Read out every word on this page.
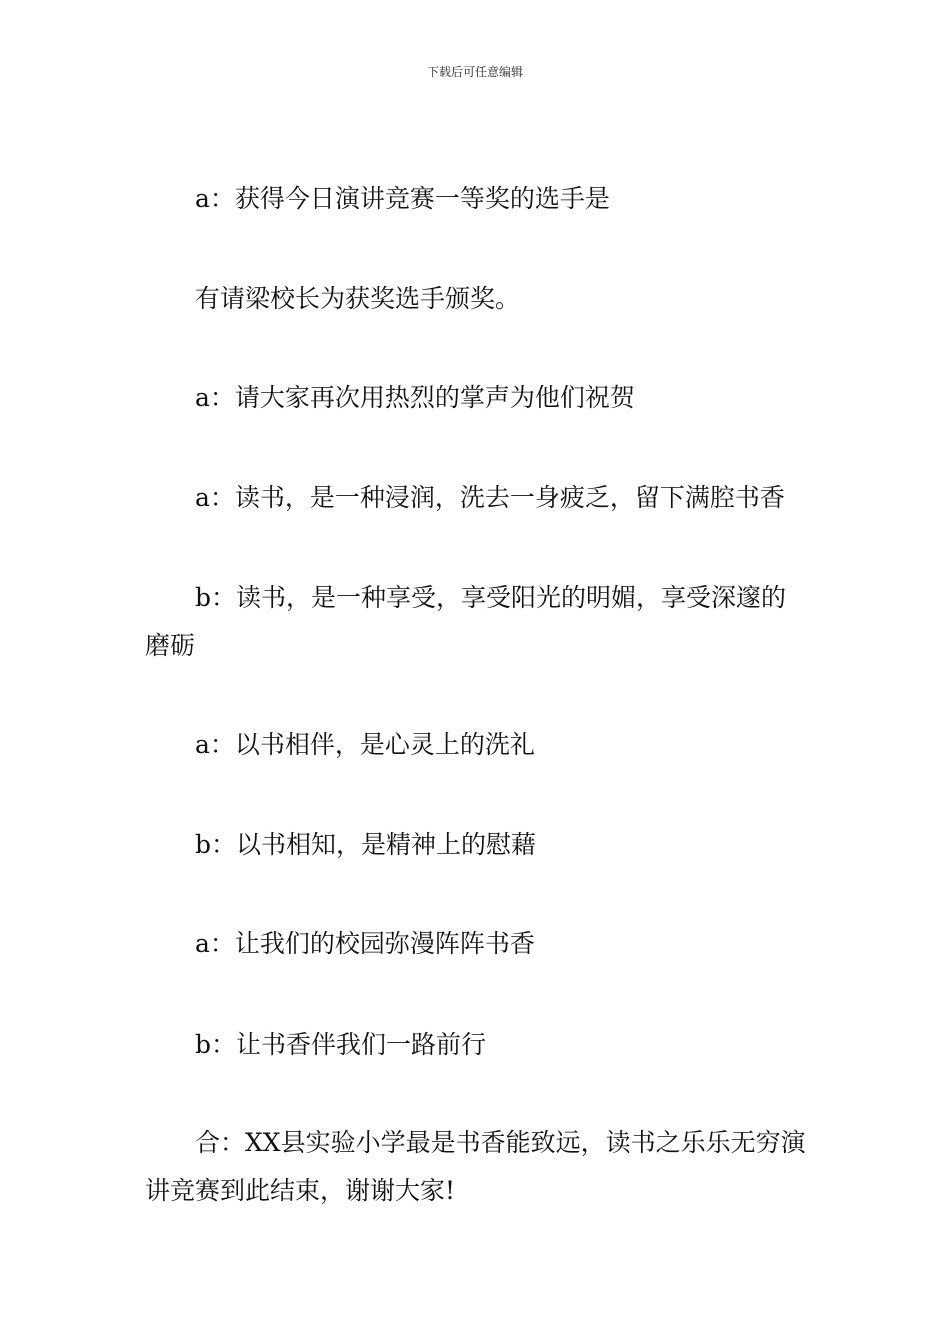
下载后可任意编辑

a：获得今日演讲竞赛一等奖的选手是

有请梁校长为获奖选手颁奖。

a：请大家再次用热烈的掌声为他们祝贺

a：读书，是一种浸润，洗去一身疲乏，留下满腔书香

b：读书，是一种享受，享受阳光的明媚，享受深邃的磨砺

a：以书相伴，是心灵上的洗礼

b：以书相知，是精神上的慰藉

a：让我们的校园弥漫阵阵书香

b：让书香伴我们一路前行

合：XX县实验小学最是书香能致远，读书之乐乐无穷演讲竞赛到此结束，谢谢大家!
